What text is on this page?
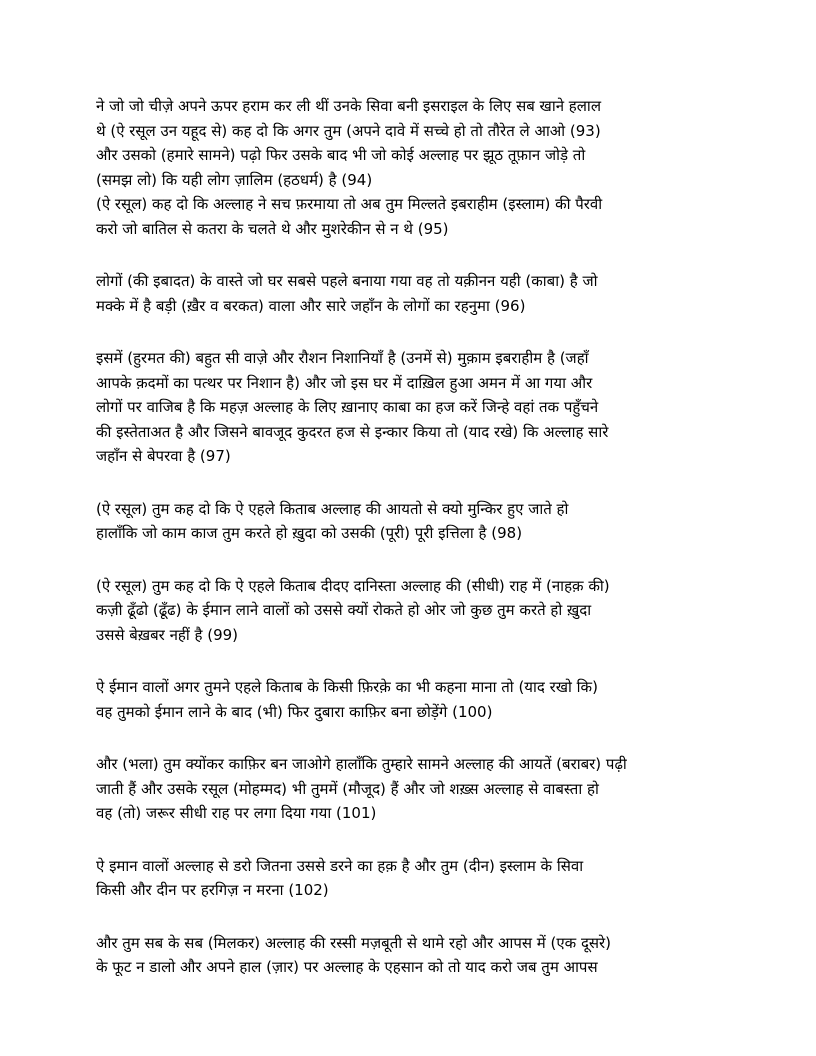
ने जो जो चीज़े अपने ऊपर हराम कर ली थीं उनके सिवा बनी इसराइल के लिए सब खाने हलाल
थे (ऐ रसूल उन यहूद से) कह दो कि अगर तुम (अपने दावे में सच्चे हो तो तौरेत ले आओ (93)
और उसको (हमारे सामने) पढ़ो फिर उसके बाद भी जो कोई अल्लाह पर झूठ तूफ़ान जोड़े तो
(समझ लो) कि यही लोग ज़ालिम (हठधर्म) है (94)

(ऐ रसूल) कह दो कि अल्लाह ने सच फ़रमाया तो अब तुम मिल्लते इबराहीम (इस्लाम) की पैरवी
करो जो बातिल से कतरा के चलते थे और मुशरेकीन से न थे (95)

लोगों (की इबादत) के वास्ते जो घर सबसे पहले बनाया गया वह तो यक़ीनन यही (काबा) है जो
मक्के में है बड़ी (ख़ैर व बरकत) वाला और सारे जहाँन के लोगों का रहनुमा (96)

इसमें (हुरमत की) बहुत सी वाज़े और रौशन निशानियाँ है (उनमें से) मुक़ाम इबराहीम है (जहाँ
आपके क़दमों का पत्थर पर निशान है) और जो इस घर में दाख़िल हुआ अमन में आ गया और
लोगों पर वाजिब है कि महज़ अल्लाह के लिए ख़ानाए काबा का हज करें जिन्हे वहां तक पहुँचने
की इस्तेताअत है और जिसने बावजूद कुदरत हज से इन्कार किया तो (याद रखे) कि अल्लाह सारे
जहाँन से बेपरवा है (97)

(ऐ रसूल) तुम कह दो कि ऐ एहले किताब अल्लाह की आयतो से क्यो मुन्किर हुए जाते हो
हालाँकि जो काम काज तुम करते हो ख़ुदा को उसकी (पूरी) पूरी इत्तिला है (98)

(ऐ रसूल) तुम कह दो कि ऐ एहले किताब दीदए दानिस्ता अल्लाह की (सीधी) राह में (नाहक़ की)
कज़ी ढूँढो (ढूँढ) के ईमान लाने वालों को उससे क्यों रोकते हो ओर जो कुछ तुम करते हो ख़ुदा
उससे बेख़बर नहीं है (99)

ऐ ईमान वालों अगर तुमने एहले किताब के किसी फ़िरक़े का भी कहना माना तो (याद रखो कि)
वह तुमको ईमान लाने के बाद (भी) फिर दुबारा काफ़िर बना छोड़ेंगे (100)

और (भला) तुम क्योंकर काफ़िर बन जाओगे हालाँकि तुम्हारे सामने अल्लाह की आयतें (बराबर) पढ़ी
जाती हैं और उसके रसूल (मोहम्मद) भी तुममें (मौजूद) हैं और जो शख़्स अल्लाह से वाबस्ता हो
वह (तो) जरूर सीधी राह पर लगा दिया गया (101)

ऐ इमान वालों अल्लाह से डरो जितना उससे डरने का हक़ है और तुम (दीन) इस्लाम के सिवा
किसी और दीन पर हरगिज़ न मरना (102)

और तुम सब के सब (मिलकर) अल्लाह की रस्सी मज़बूती से थामे रहो और आपस में (एक दूसरे)
के फूट न डालो और अपने हाल (ज़ार) पर अल्लाह के एहसान को तो याद करो जब तुम आपस
